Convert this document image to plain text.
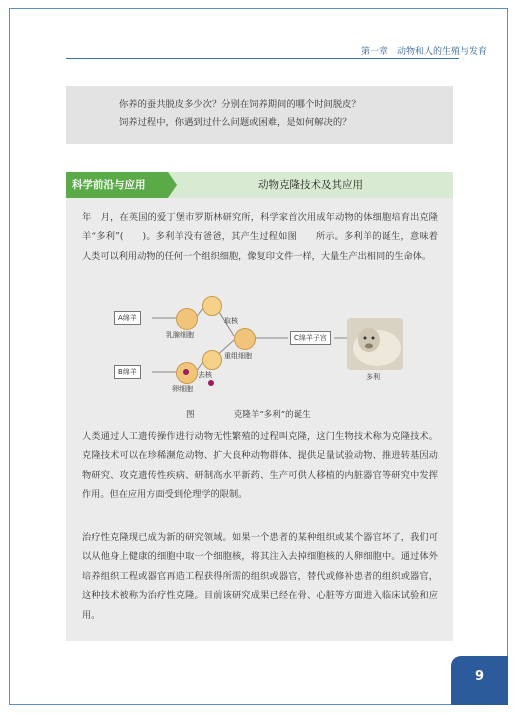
第一章　动物和人的生殖与发育

你养的蚕共脱皮多少次？分别在饲养期间的哪个时间脱皮？

饲养过程中，你遇到过什么问题或困难，是如何解决的？

科学前沿与应用	动物克隆技术及其应用

年　月，在英国的爱丁堡市罗斯林研究所，科学家首次用成年动物的体细胞培育出克隆羊“多利”(　　)。多利羊没有爸爸，其产生过程如图　　所示。多利羊的诞生，意味着人类可以利用动物的任何一个组织细胞，像复印文件一样，大量生产出相同的生命体。

A绵羊
乳腺细胞
取核
B绵羊
卵细胞
去核
重组细胞
C绵羊子宫
多利
图	克隆羊“多利”的诞生

人类通过人工遗传操作进行动物无性繁殖的过程叫克隆，这门生物技术称为克隆技术。克隆技术可以在珍稀濒危动物、扩大良种动物群体、提供足量试验动物、推进转基因动物研究、攻克遗传性疾病、研制高水平新药、生产可供人移植的内脏器官等研究中发挥作用。但在应用方面受到伦理学的限制。

治疗性克隆现已成为新的研究领域。如果一个患者的某种组织或某个器官坏了，我们可以从他身上健康的细胞中取一个细胞核，将其注入去掉细胞核的人卵细胞中。通过体外培养组织工程或器官再造工程获得所需的组织或器官，替代或修补患者的组织或器官，这种技术被称为治疗性克隆。目前该研究成果已经在骨、心脏等方面进入临床试验和应用。

9
